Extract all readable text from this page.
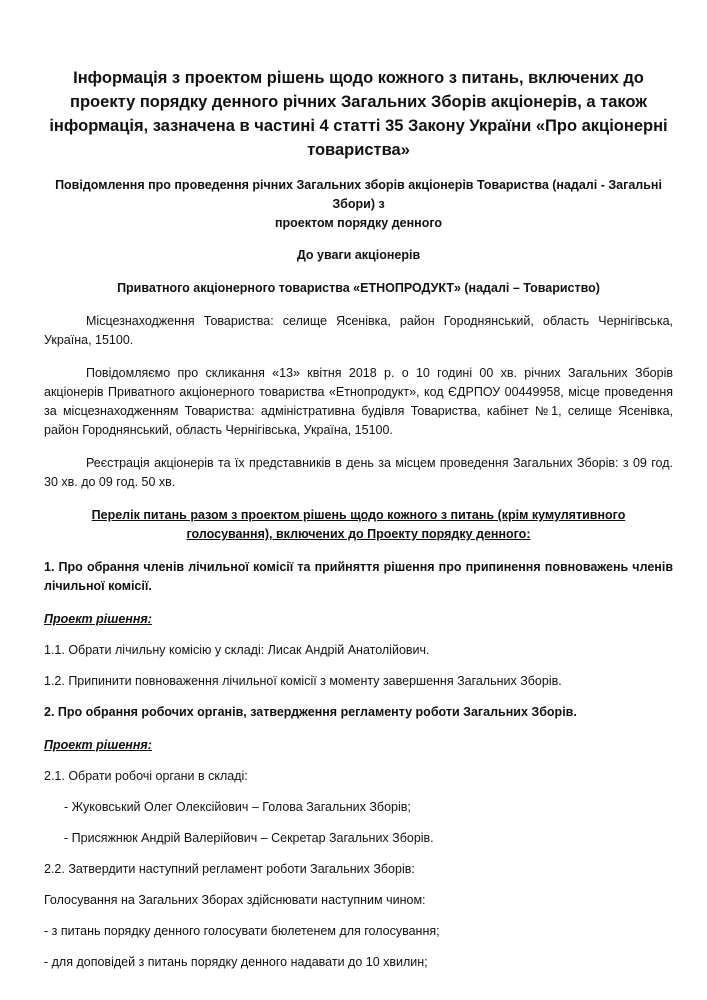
Інформація з проектом рішень щодо кожного з питань, включених до проекту порядку денного річних Загальних Зборів акціонерів, а також інформація, зазначена в частині 4 статті 35 Закону України «Про акціонерні товариства»
Повідомлення про проведення річних Загальних зборів акціонерів Товариства (надалі - Загальні Збори) з
проектом порядку денного
До уваги акціонерів
Приватного акціонерного товариства «ЕТНОПРОДУКТ» (надалі – Товариство)

Місцезнаходження Товариства: селище Ясенівка, район Городнянський, область Чернігівська, Україна, 15100.

Повідомляємо про скликання «13» квітня 2018 р. о 10 годині 00 хв. річних Загальних Зборів акціонерів Приватного акціонерного товариства «Етнопродукт», код ЄДРПОУ 00449958, місце проведення за місцезнаходженням Товариства: адміністративна будівля Товариства, кабінет №1, селище Ясенівка, район Городнянський, область Чернігівська, Україна, 15100.

Реєстрація акціонерів та їх представників в день за місцем проведення Загальних Зборів: з 09 год. 30 хв. до 09 год. 50 хв.

Перелік питань разом з проектом рішень щодо кожного з питань (крім кумулятивного голосування), включених до Проекту порядку денного:
1. Про обрання членів лічильної комісії та прийняття рішення про припинення повноважень членів лічильної комісії.
Проект рішення:
1.1. Обрати лічильну комісію у складі: Лисак Андрій Анатолійович.
1.2. Припинити повноваження лічильної комісії з моменту завершення Загальних Зборів.
2. Про обрання робочих органів, затвердження регламенту роботи Загальних Зборів.
Проект рішення:
2.1. Обрати робочі органи в складі:
- Жуковський Олег Олексійович – Голова Загальних Зборів;
- Присяжнюк Андрій Валерійович – Секретар Загальних Зборів.
2.2. Затвердити наступний регламент роботи Загальних Зборів:
Голосування на Загальних Зборах здійснювати наступним чином:
- з питань порядку денного голосувати бюлетенем для голосування;
- для доповідей з питань порядку денного надавати до 10 хвилин;
